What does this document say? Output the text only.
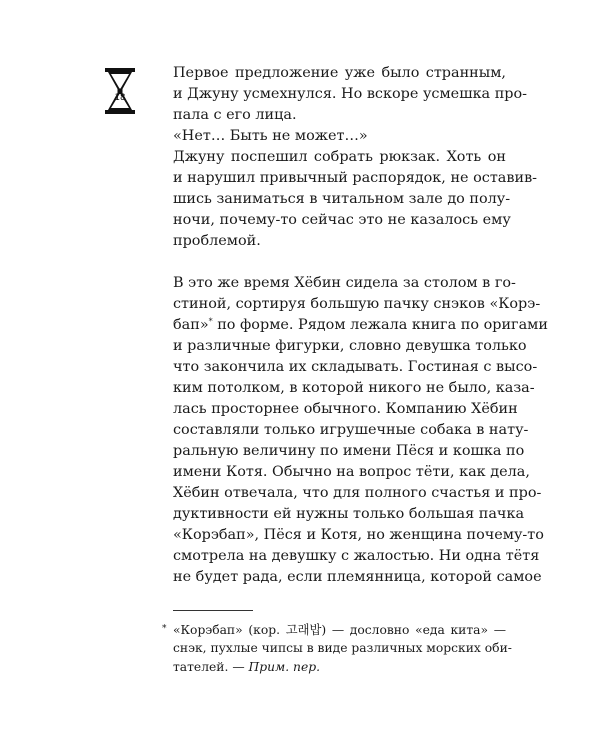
18
Первое предложение уже было странным,
и Джуну усмехнулся. Но вскоре усмешка про-
пала с его лица.
«Нет… Быть не может…»
Джуну поспешил собрать рюкзак. Хоть он
и нарушил привычный распорядок, не оставив-
шись заниматься в читальном зале до полу-
ночи, почему-то сейчас это не казалось ему
проблемой.
В это же время Хёбин сидела за столом в го-
стиной, сортируя большую пачку снэков «Корэ-
бап»* по форме. Рядом лежала книга по оригами
и различные фигурки, словно девушка только
что закончила их складывать. Гостиная с высо-
ким потолком, в которой никого не было, каза-
лась просторнее обычного. Компанию Хёбин
составляли только игрушечные собака в нату-
ральную величину по имени Пёся и кошка по
имени Котя. Обычно на вопрос тёти, как дела,
Хёбин отвечала, что для полного счастья и про-
дуктивности ей нужны только большая пачка
«Корэбап», Пёся и Котя, но женщина почему-то
смотрела на девушку с жалостью. Ни одна тётя
не будет рада, если племянница, которой самое
* «Корэбап» (кор. 고래밥) — дословно «еда кита» —
снэк, пухлые чипсы в виде различных морских оби-
тателей. — Прим. пер.
